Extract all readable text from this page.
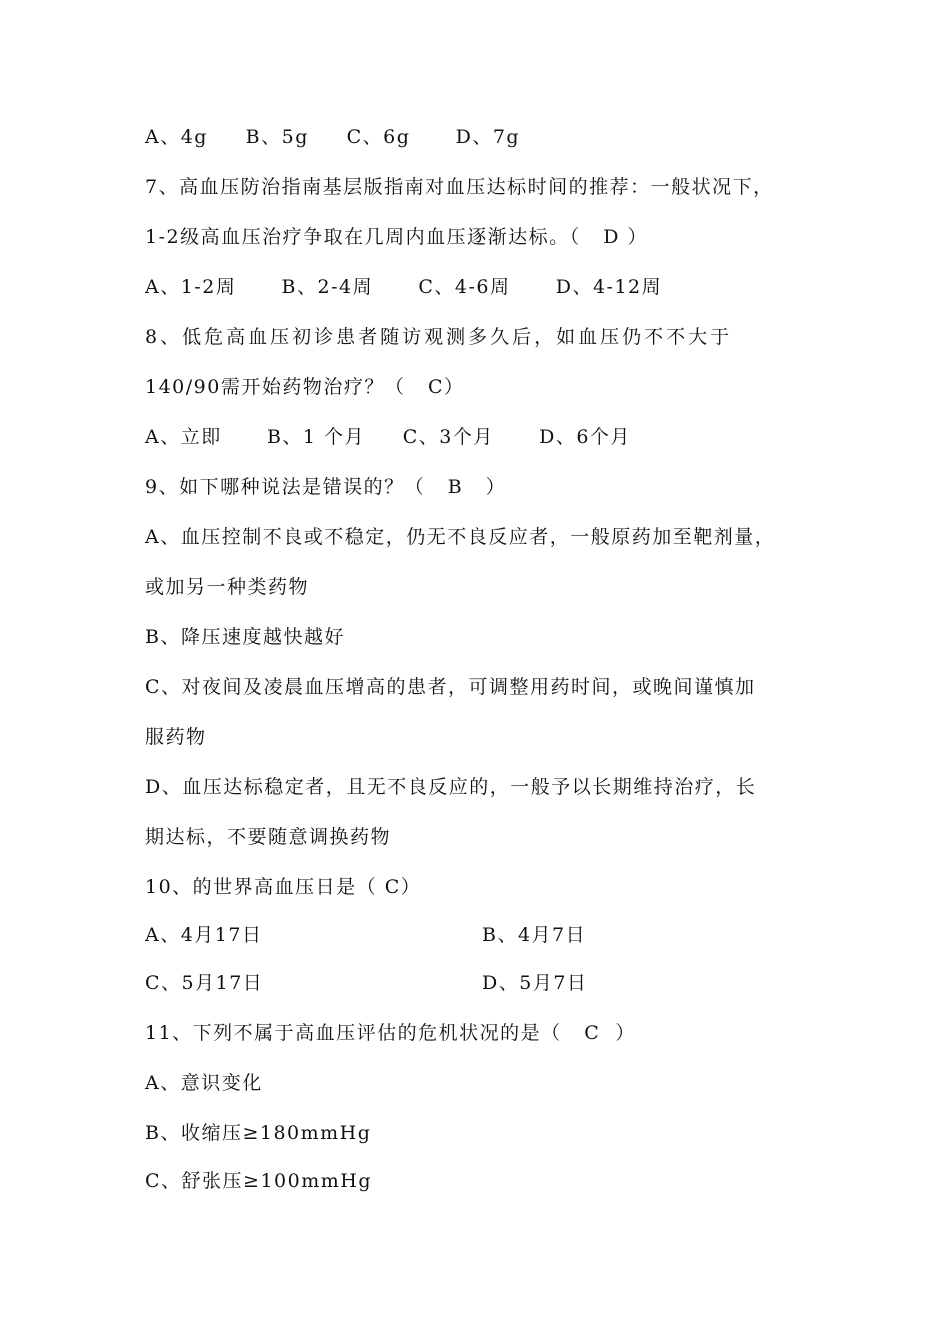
A、4g     B、5g     C、6g      D、7g
7、高血压防治指南基层版指南对血压达标时间的推荐：一般状况下，
1-2级高血压治疗争取在几周内血压逐渐达标。（   D ）
A、1-2周      B、2-4周      C、4-6周      D、4-12周
8、低危高血压初诊患者随访观测多久后，如血压仍不不大于
140/90需开始药物治疗？（   C）
A、立即      B、1 个月     C、3个月      D、6个月
9、如下哪种说法是错误的？（   B   ）
A、血压控制不良或不稳定，仍无不良反应者，一般原药加至靶剂量，
或加另一种类药物
B、降压速度越快越好
C、对夜间及凌晨血压增高的患者，可调整用药时间，或晚间谨慎加
服药物
D、血压达标稳定者，且无不良反应的，一般予以长期维持治疗，长
期达标，不要随意调换药物
10、的世界高血压日是（ C）
A、4月17日	B、4月7日
C、5月17日	D、5月7日
11、下列不属于高血压评估的危机状况的是（   C  ）
A、意识变化
B、收缩压≥180mmHg
C、舒张压≥100mmHg
